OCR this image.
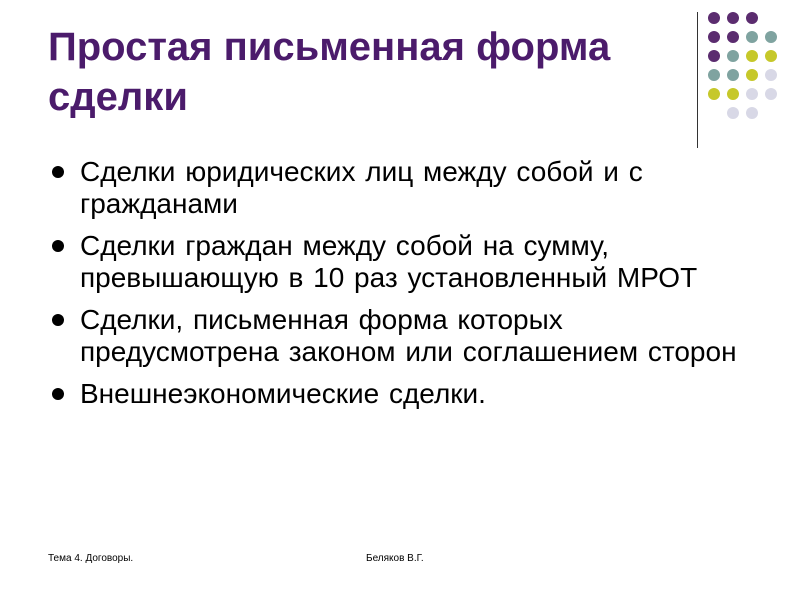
Простая письменная форма сделки
Сделки юридических лиц между собой и с гражданами
Сделки граждан между собой на сумму, превышающую в 10 раз установленный МРОТ
Сделки, письменная форма которых предусмотрена законом или соглашением сторон
Внешнеэкономические сделки.
Тема 4. Договоры.	Беляков В.Г.
